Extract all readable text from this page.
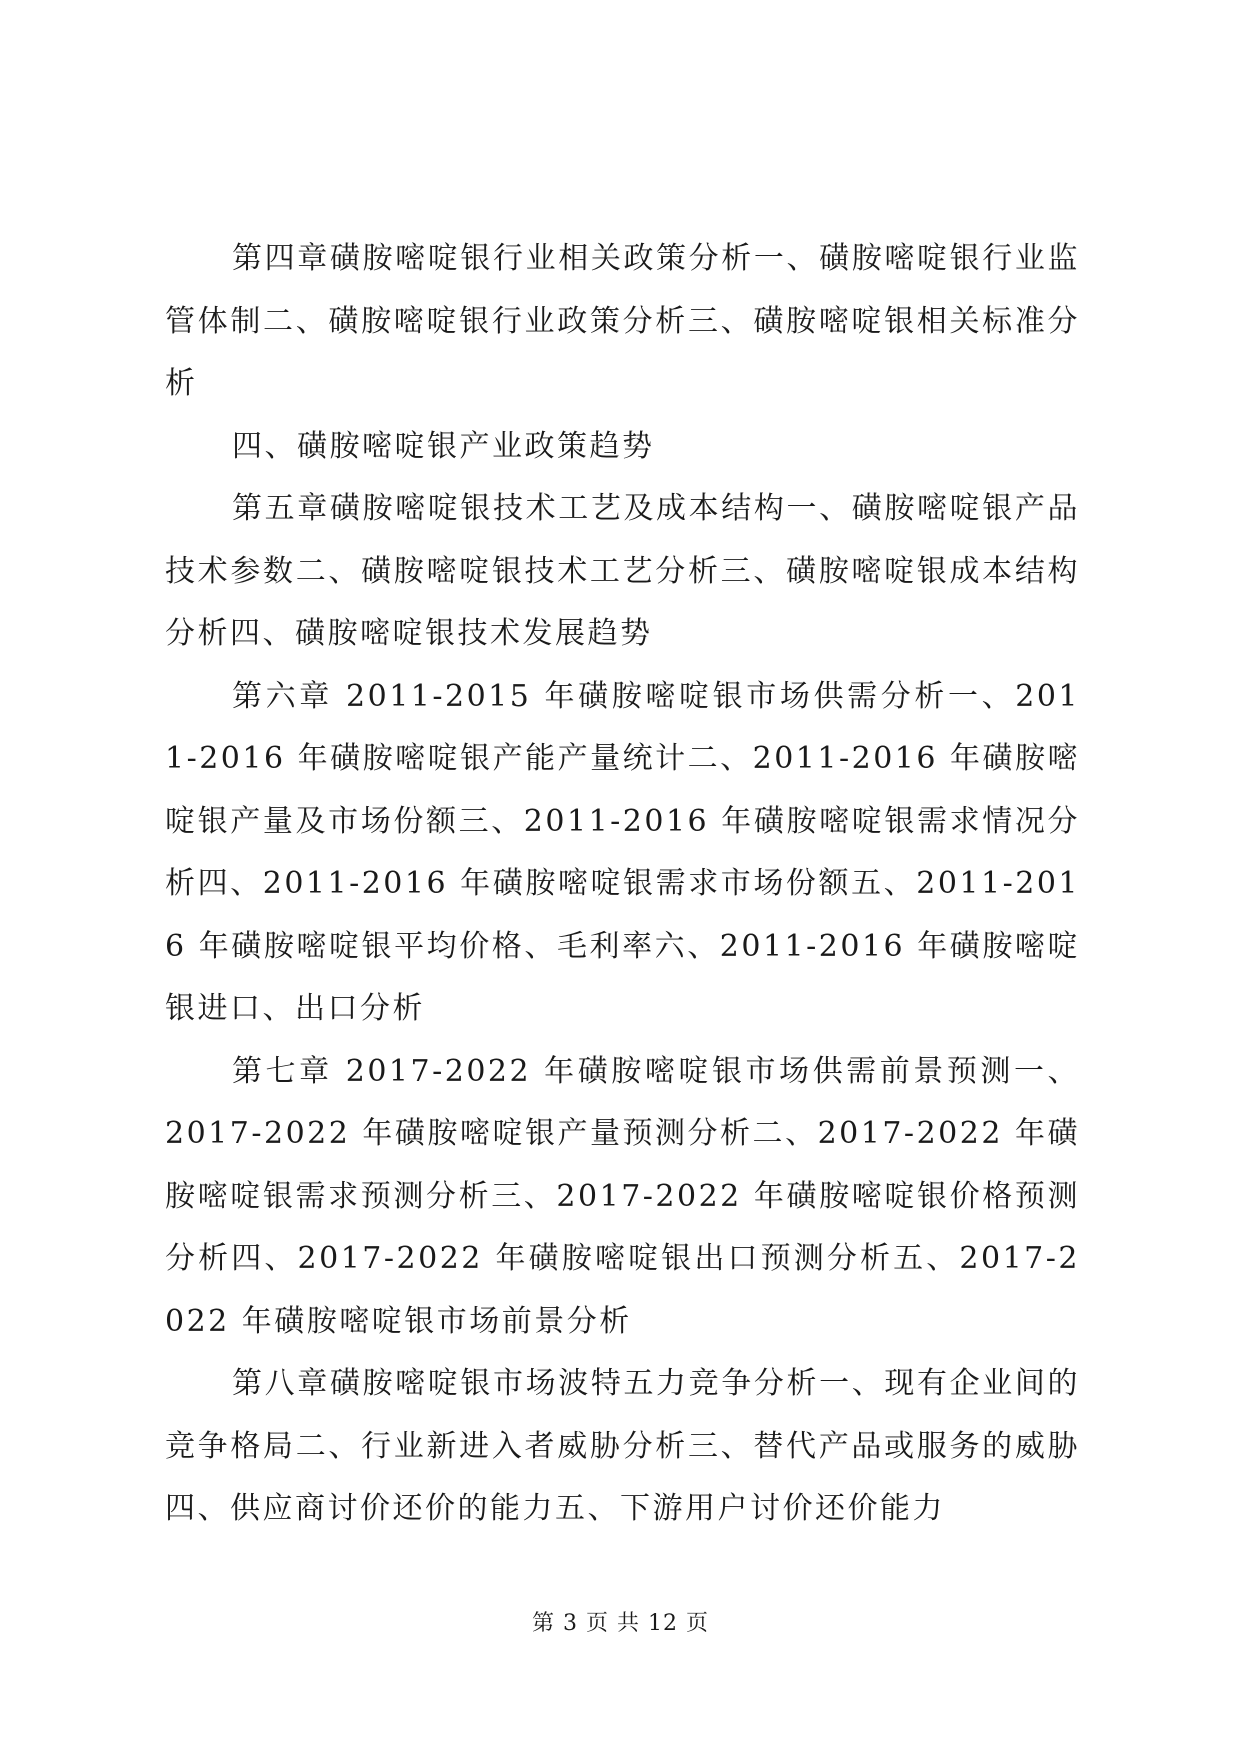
第四章磺胺嘧啶银行业相关政策分析一、磺胺嘧啶银行业监管体制二、磺胺嘧啶银行业政策分析三、磺胺嘧啶银相关标准分析

四、磺胺嘧啶银产业政策趋势

第五章磺胺嘧啶银技术工艺及成本结构一、磺胺嘧啶银产品技术参数二、磺胺嘧啶银技术工艺分析三、磺胺嘧啶银成本结构分析四、磺胺嘧啶银技术发展趋势

第六章 2011-2015 年磺胺嘧啶银市场供需分析一、2011-2016 年磺胺嘧啶银产能产量统计二、2011-2016 年磺胺嘧啶银产量及市场份额三、2011-2016 年磺胺嘧啶银需求情况分析四、2011-2016 年磺胺嘧啶银需求市场份额五、2011-2016 年磺胺嘧啶银平均价格、毛利率六、2011-2016 年磺胺嘧啶银进口、出口分析

第七章 2017-2022 年磺胺嘧啶银市场供需前景预测一、2017-2022 年磺胺嘧啶银产量预测分析二、2017-2022 年磺胺嘧啶银需求预测分析三、2017-2022 年磺胺嘧啶银价格预测分析四、2017-2022 年磺胺嘧啶银出口预测分析五、2017-2022 年磺胺嘧啶银市场前景分析

第八章磺胺嘧啶银市场波特五力竞争分析一、现有企业间的竞争格局二、行业新进入者威胁分析三、替代产品或服务的威胁四、供应商讨价还价的能力五、下游用户讨价还价能力

第 3 页 共 12 页
